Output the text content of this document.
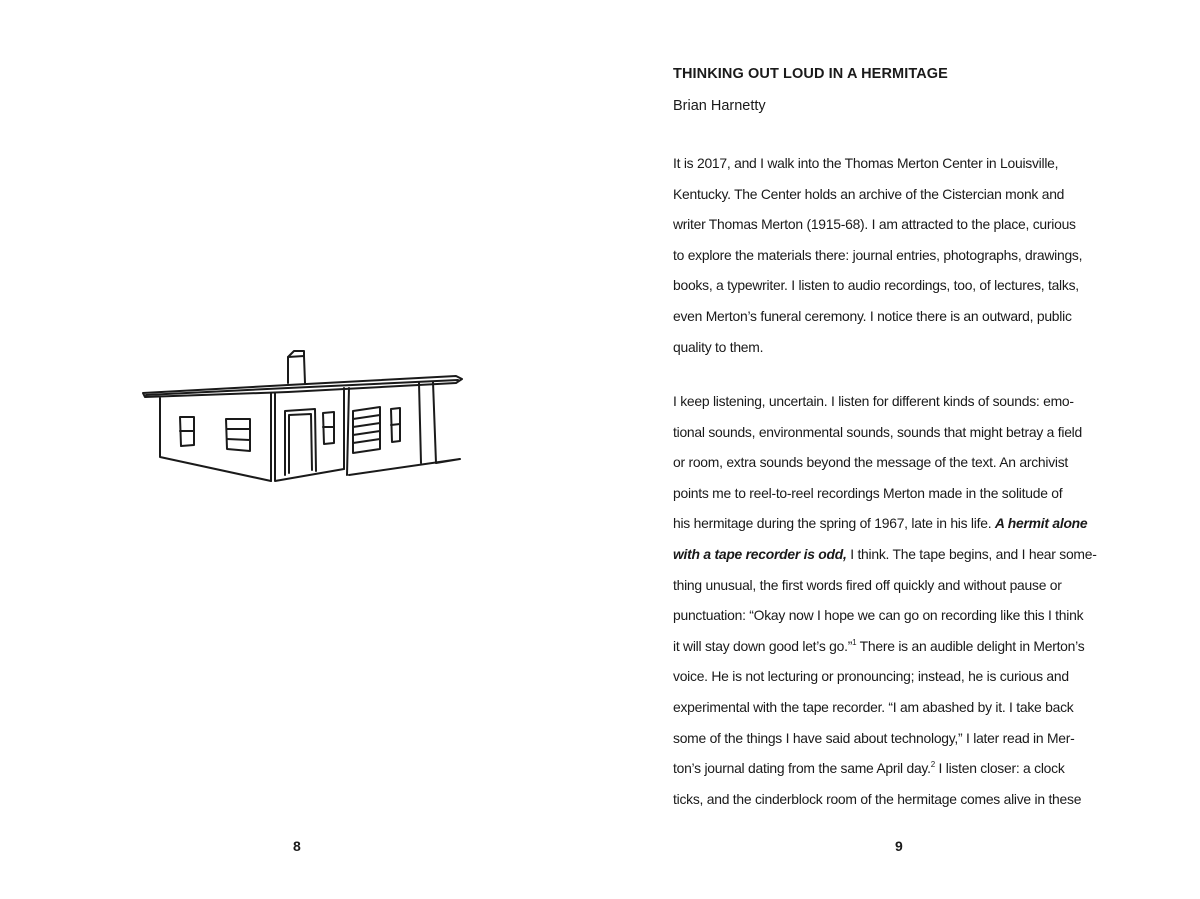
8
THINKING OUT LOUD IN A HERMITAGE

Brian Harnetty

It is 2017, and I walk into the Thomas Merton Center in Louisville,
Kentucky. The Center holds an archive of the Cistercian monk and
writer Thomas Merton (1915-68). I am attracted to the place, curious
to explore the materials there: journal entries, photographs, drawings,
books, a typewriter. I listen to audio recordings, too, of lectures, talks,
even Merton’s funeral ceremony. I notice there is an outward, public
quality to them.

I keep listening, uncertain. I listen for different kinds of sounds: emo-
tional sounds, environmental sounds, sounds that might betray a field
or room, extra sounds beyond the message of the text. An archivist
points me to reel-to-reel recordings Merton made in the solitude of
his hermitage during the spring of 1967, late in his life. A hermit alone
with a tape recorder is odd, I think. The tape begins, and I hear some-
thing unusual, the first words fired off quickly and without pause or
punctuation: “Okay now I hope we can go on recording like this I think
it will stay down good let’s go.”$^1$ There is an audible delight in Merton’s
voice. He is not lecturing or pronouncing; instead, he is curious and
experimental with the tape recorder. “I am abashed by it. I take back
some of the things I have said about technology,” I later read in Mer-
ton’s journal dating from the same April day.$^2$ I listen closer: a clock
ticks, and the cinderblock room of the hermitage comes alive in these

9
